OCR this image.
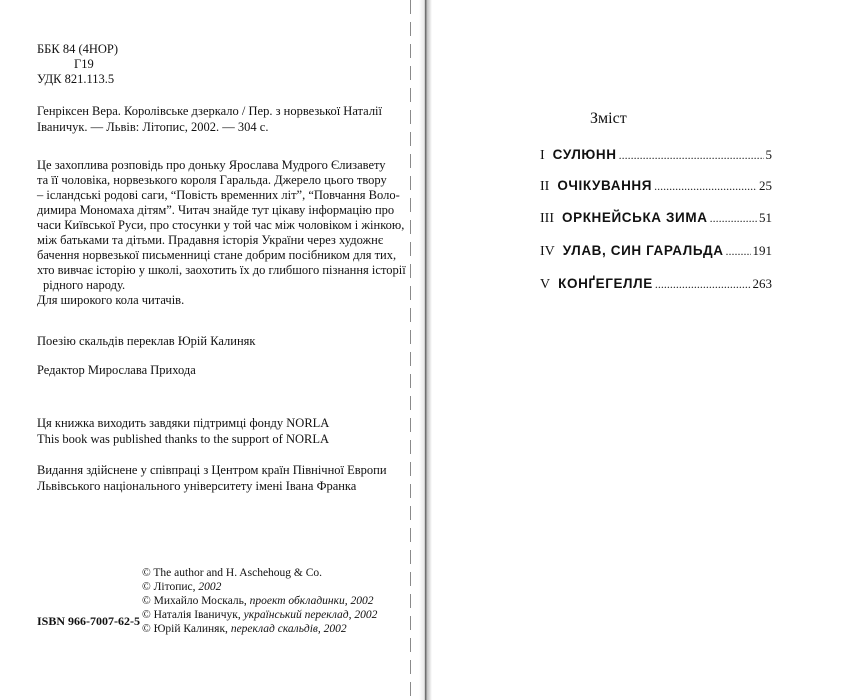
ББК 84 (4НОР)
Г19
УДК 821.113.5
Генріксен Вера. Королівське дзеркало / Пер. з норвезької Наталії
Іваничук. — Львів: Літопис, 2002. — 304 с.
Це захоплива розповідь про доньку Ярослава Мудрого Єлизавету
та її чоловіка, норвезького короля Гаральда. Джерело цього твору
– ісландські родові саги, “Повість временних літ”, “Повчання Воло-
димира Мономаха дітям”. Читач знайде тут цікаву інформацію про
часи Київської Руси, про стосунки у той час між чоловіком і жінкою,
між батьками та дітьми. Прадавня історія України через художнє
бачення норвезької письменниці стане добрим посібником для тих,
хто вивчає історію у школі, заохотить їх до глибшого пізнання історії
рідного народу.
Для широкого кола читачів.
Поезію скальдів переклав Юрій Калиняк
Редактор Мирослава Прихода
Ця книжка виходить завдяки підтримці фонду NORLA
This book was published thanks to the support of NORLA
Видання здійснене у співпраці з Центром країн Північної Европи
Львівського національного університету імені Івана Франка
© The author and H. Aschehoug & Co.
© Літопис, 2002
© Михайло Москаль, проект обкладинки, 2002
© Наталія Іваничук, український переклад, 2002
© Юрій Калиняк, переклад скальдів, 2002
ISBN 966-7007-62-5
Зміст
I СУЛЮНН .....	5
II ОЧІКУВАННЯ .....	25
III ОРКНЕЙСЬКА ЗИМА .....	51
IV УЛАВ, СИН ГАРАЛЬДА ..... 191
V КОНҐЕГЕЛЛЕ .....	263
